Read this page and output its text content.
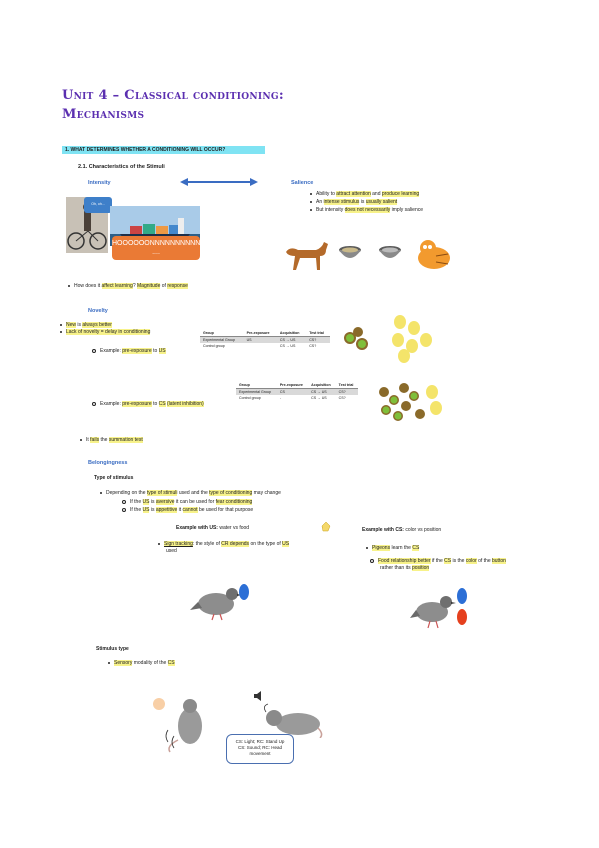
Unit 4 – Classical conditioning:
Mechanisms
1. WHAT DETERMINES WHETHER A CONDITIONING WILL OCCUR?
2.1. Characteristics of the Stimuli
Intensity
Oh, oh...
HOOOOOONNNNNNNNNN ....
Salience
Ability to attract attention and produce learning
An intense stimulus is usually salient
But intensity does not necessarily imply salience
How does it affect learning? Magnitude of response
Novelty
New is always better
Lack of novelty = delay in conditioning
Example: pre-exposure to US
Group	Pre-exposure	Acquisition	Test trial
Experimental Group	US	CS → US	CS?
Control group		CS → US	CS?
Group	Pre-exposure	Acquisition	Test trial
Experimental Group	CS	CS → US	CS?
Control group	-	CS → US	CS?
Example: pre-exposure to CS (latent inhibition)
It fails the summation test
Belongingness
Type of stimulus
Depending on the type of stimuli used and the type of conditioning may change
If the US is aversive it can be used for fear conditioning
If the US is appetitive it cannot be used for that purpose
Example with US: water vs food	Example with CS: color vs position
Sign tracking: the style of CR depends on the type of US
used	Pigeons learn the CS
Food relationship better if the CS is the color of the button
rather than its position
Stimulus type
Sensory modality of the CS
CS: Light; RC: Stand Up
CS: Sound; RC: Head
movement
